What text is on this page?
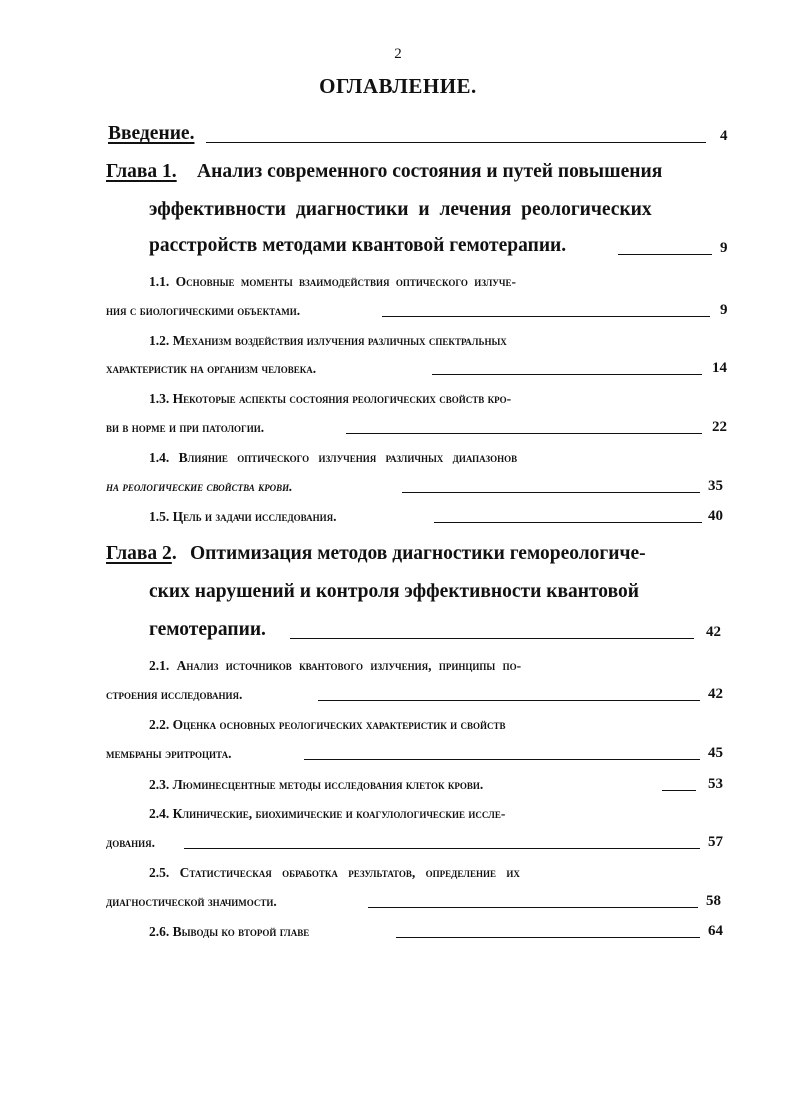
2
ОГЛАВЛЕНИЕ.
Введение.	4
Глава 1. Анализ современного состояния и путей повышения
эффективности диагностики и лечения реологических
расстройств методами квантовой гемотерапии.	9
1.1. Основные моменты взаимодействия оптического излуче-
ния с биологическими объектами.	9
1.2. Механизм воздействия излучения различных спектральных
характеристик на организм человека.	14
1.3. Некоторые аспекты состояния реологических свойств кро-
ви в норме и при патологии.	22
1.4. Влияние оптического излучения различных диапазонов
на реологические свойства крови.	35
1.5. Цель и задачи исследования.	40
Глава 2. Оптимизация методов диагностики гемореологиче-
ских нарушений и контроля эффективности квантовой
гемотерапии.	42
2.1. Анализ источников квантового излучения, принципы по-
строения исследования.	42
2.2. Оценка основных реологических характеристик и свойств
мембраны эритроцита.	45
2.3. Люминесцентные методы исследования клеток крови.	53
2.4. Клинические, биохимические и коагулологические иссле-
дования.	57
2.5. Статистическая обработка результатов, определение их
диагностической значимости.	58
2.6. Выводы ко второй главе	64
